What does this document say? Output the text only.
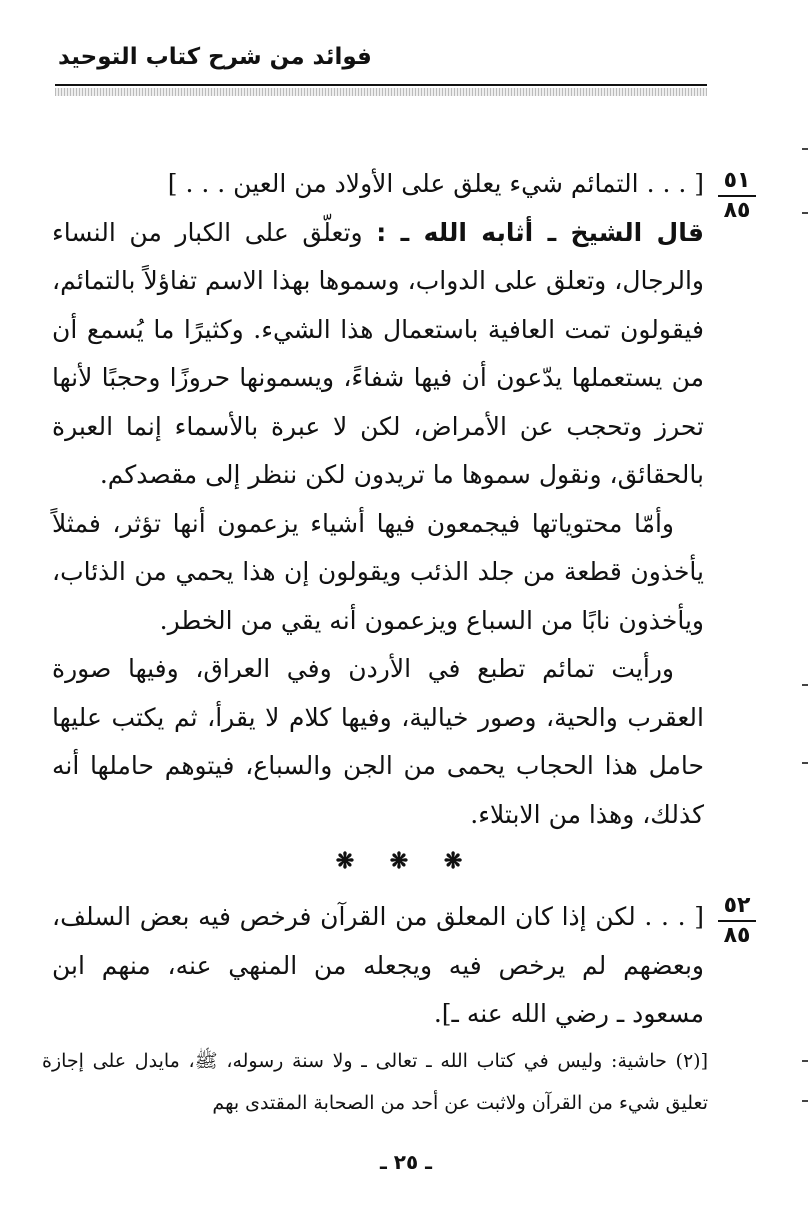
فوائد من شرح كتاب التوحيد
٥١
٨٥

[ . . . التمائم شيء يعلق على الأولاد من العين . . . ]

قال الشيخ ـ أثابه الله ـ : وتعلّق على الكبار من النساء والرجال، وتعلق على الدواب، وسموها بهذا الاسم تفاؤلاً بالتمائم، فيقولون تمت العافية باستعمال هذا الشيء. وكثيرًا ما يُسمع أن من يستعملها يدّعون أن فيها شفاءً، ويسمونها حروزًا وحجبًا لأنها تحرز وتحجب عن الأمراض، لكن لا عبرة بالأسماء إنما العبرة بالحقائق، ونقول سموها ما تريدون لكن ننظر إلى مقصدكم.

وأمّا محتوياتها فيجمعون فيها أشياء يزعمون أنها تؤثر، فمثلاً يأخذون قطعة من جلد الذئب ويقولون إن هذا يحمي من الذئاب، ويأخذون نابًا من السباع ويزعمون أنه يقي من الخطر.

ورأيت تمائم تطبع في الأردن وفي العراق، وفيها صورة العقرب والحية، وصور خيالية، وفيها كلام لا يقرأ، ثم يكتب عليها حامل هذا الحجاب يحمى من الجن والسباع، فيتوهم حاملها أنه كذلك، وهذا من الابتلاء.

❋ ❋ ❋
٥٢
٨٥

[ . . . لكن إذا كان المعلق من القرآن فرخص فيه بعض السلف، وبعضهم لم يرخص فيه ويجعله من المنهي عنه، منهم ابن مسعود ـ رضي الله عنه ـ].

[(٢) حاشية: وليس في كتاب الله ـ تعالى ـ ولا سنة رسوله، ﷺ، مايدل على إجازة تعليق شيء من القرآن ولاثبت عن أحد من الصحابة المقتدى بهم

ـ ٢٥ ـ
